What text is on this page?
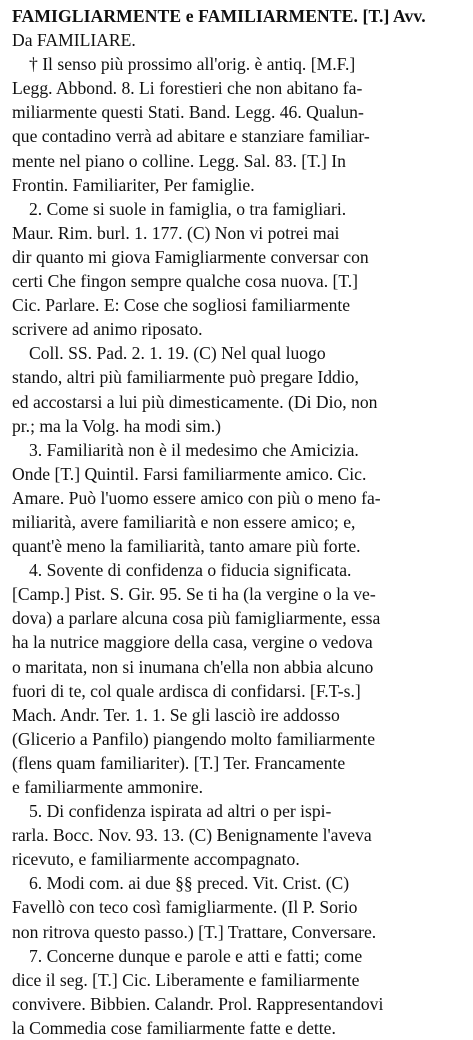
FAMIGLIARMENTE e FAMILIARMENTE. [T.] Avv.
Da FAMILIARE.
† Il senso più prossimo all'orig. è antiq. [M.F.]
Legg. Abbond. 8. Li forestieri che non abitano fa-
miliarmente questi Stati. Band. Legg. 46. Qualun-
que contadino verrà ad abitare e stanziare familiar-
mente nel piano o colline. Legg. Sal. 83. [T.] In
Frontin. Familiariter, Per famiglie.
2. Come si suole in famiglia, o tra famigliari.
Maur. Rim. burl. 1. 177. (C) Non vi potrei mai
dir quanto mi giova Famigliarmente conversar con
certi Che fingon sempre qualche cosa nuova. [T.]
Cic. Parlare. E: Cose che sogliosi familiarmente
scrivere ad animo riposato.
Coll. SS. Pad. 2. 1. 19. (C) Nel qual luogo
stando, altri più familiarmente può pregare Iddio,
ed accostarsi a lui più dimesticamente. (Di Dio, non
pr.; ma la Volg. ha modi sim.)
3. Familiarità non è il medesimo che Amicizia.
Onde [T.] Quintil. Farsi familiarmente amico. Cic.
Amare. Può l'uomo essere amico con più o meno fa-
miliarità, avere familiarità e non essere amico; e,
quant'è meno la familiarità, tanto amare più forte.
4. Sovente di confidenza o fiducia significata.
[Camp.] Pist. S. Gir. 95. Se ti ha (la vergine o la ve-
dova) a parlare alcuna cosa più famigliarmente, essa
ha la nutrice maggiore della casa, vergine o vedova
o maritata, non si inumana ch'ella non abbia alcuno
fuori di te, col quale ardisca di confidarsi. [F.T-s.]
Mach. Andr. Ter. 1. 1. Se gli lasciò ire addosso
(Glicerio a Panfilo) piangendo molto familiarmente
(flens quam familiariter). [T.] Ter. Francamente
e familiarmente ammonire.
5. Di confidenza ispirata ad altri o per ispi-
rarla. Bocc. Nov. 93. 13. (C) Benignamente l'aveva
ricevuto, e familiarmente accompagnato.
6. Modi com. ai due §§ preced. Vit. Crist. (C)
Favellò con teco così famigliarmente. (Il P. Sorio
non ritrova questo passo.) [T.] Trattare, Conversare.
7. Concerne dunque e parole e atti e fatti; come
dice il seg. [T.] Cic. Liberamente e familiarmente
convivere. Bibbien. Calandr. Prol. Rappresentandovi
la Commedia cose familiarmente fatte e dette.
